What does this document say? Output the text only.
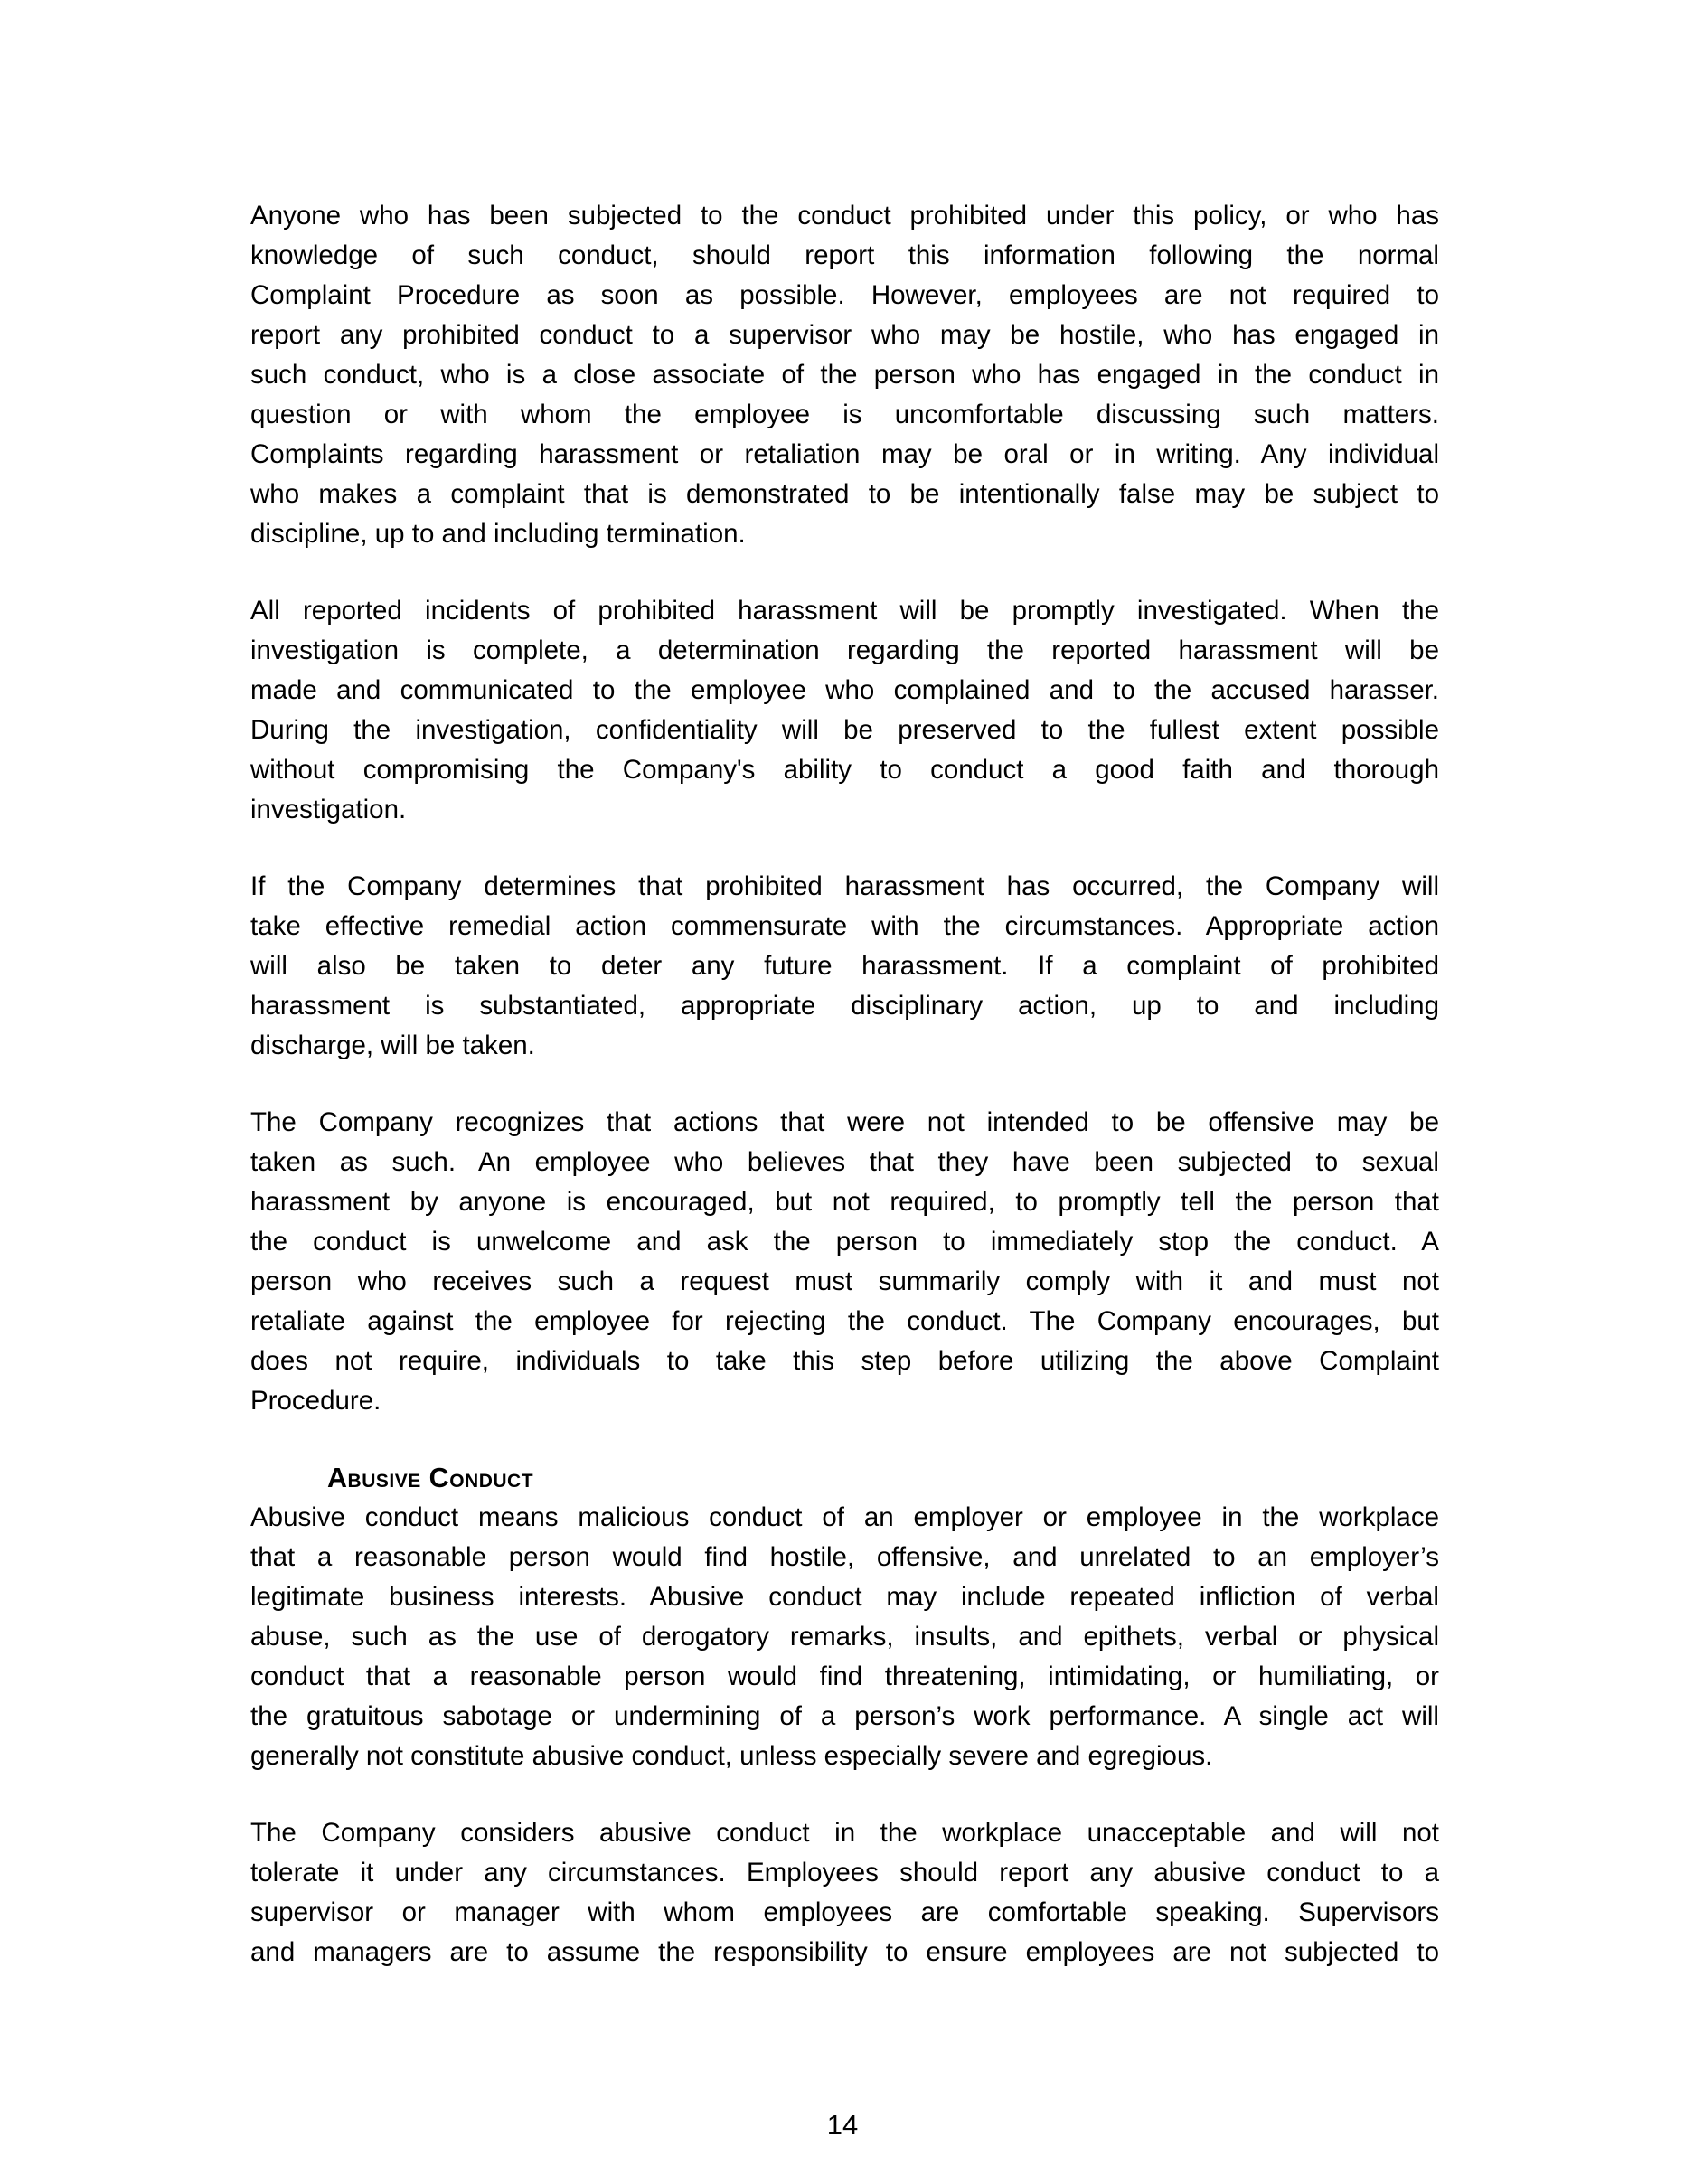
Anyone who has been subjected to the conduct prohibited under this policy, or who has
knowledge of such conduct, should report this information following the normal
Complaint Procedure as soon as possible. However, employees are not required to
report any prohibited conduct to a supervisor who may be hostile, who has engaged in
such conduct, who is a close associate of the person who has engaged in the conduct in
question or with whom the employee is uncomfortable discussing such matters.
Complaints regarding harassment or retaliation may be oral or in writing. Any individual
who makes a complaint that is demonstrated to be intentionally false may be subject to
discipline, up to and including termination.
All reported incidents of prohibited harassment will be promptly investigated. When the
investigation is complete, a determination regarding the reported harassment will be
made and communicated to the employee who complained and to the accused harasser.
During the investigation, confidentiality will be preserved to the fullest extent possible
without compromising the Company's ability to conduct a good faith and thorough
investigation.
If the Company determines that prohibited harassment has occurred, the Company will
take effective remedial action commensurate with the circumstances. Appropriate action
will also be taken to deter any future harassment. If a complaint of prohibited
harassment is substantiated, appropriate disciplinary action, up to and including
discharge, will be taken.
The Company recognizes that actions that were not intended to be offensive may be
taken as such. An employee who believes that they have been subjected to sexual
harassment by anyone is encouraged, but not required, to promptly tell the person that
the conduct is unwelcome and ask the person to immediately stop the conduct. A
person who receives such a request must summarily comply with it and must not
retaliate against the employee for rejecting the conduct. The Company encourages, but
does not require, individuals to take this step before utilizing the above Complaint
Procedure.
Abusive Conduct
Abusive conduct means malicious conduct of an employer or employee in the workplace
that a reasonable person would find hostile, offensive, and unrelated to an employer’s
legitimate business interests. Abusive conduct may include repeated infliction of verbal
abuse, such as the use of derogatory remarks, insults, and epithets, verbal or physical
conduct that a reasonable person would find threatening, intimidating, or humiliating, or
the gratuitous sabotage or undermining of a person’s work performance. A single act will
generally not constitute abusive conduct, unless especially severe and egregious.
The Company considers abusive conduct in the workplace unacceptable and will not
tolerate it under any circumstances. Employees should report any abusive conduct to a
supervisor or manager with whom employees are comfortable speaking. Supervisors
and managers are to assume the responsibility to ensure employees are not subjected to
14
